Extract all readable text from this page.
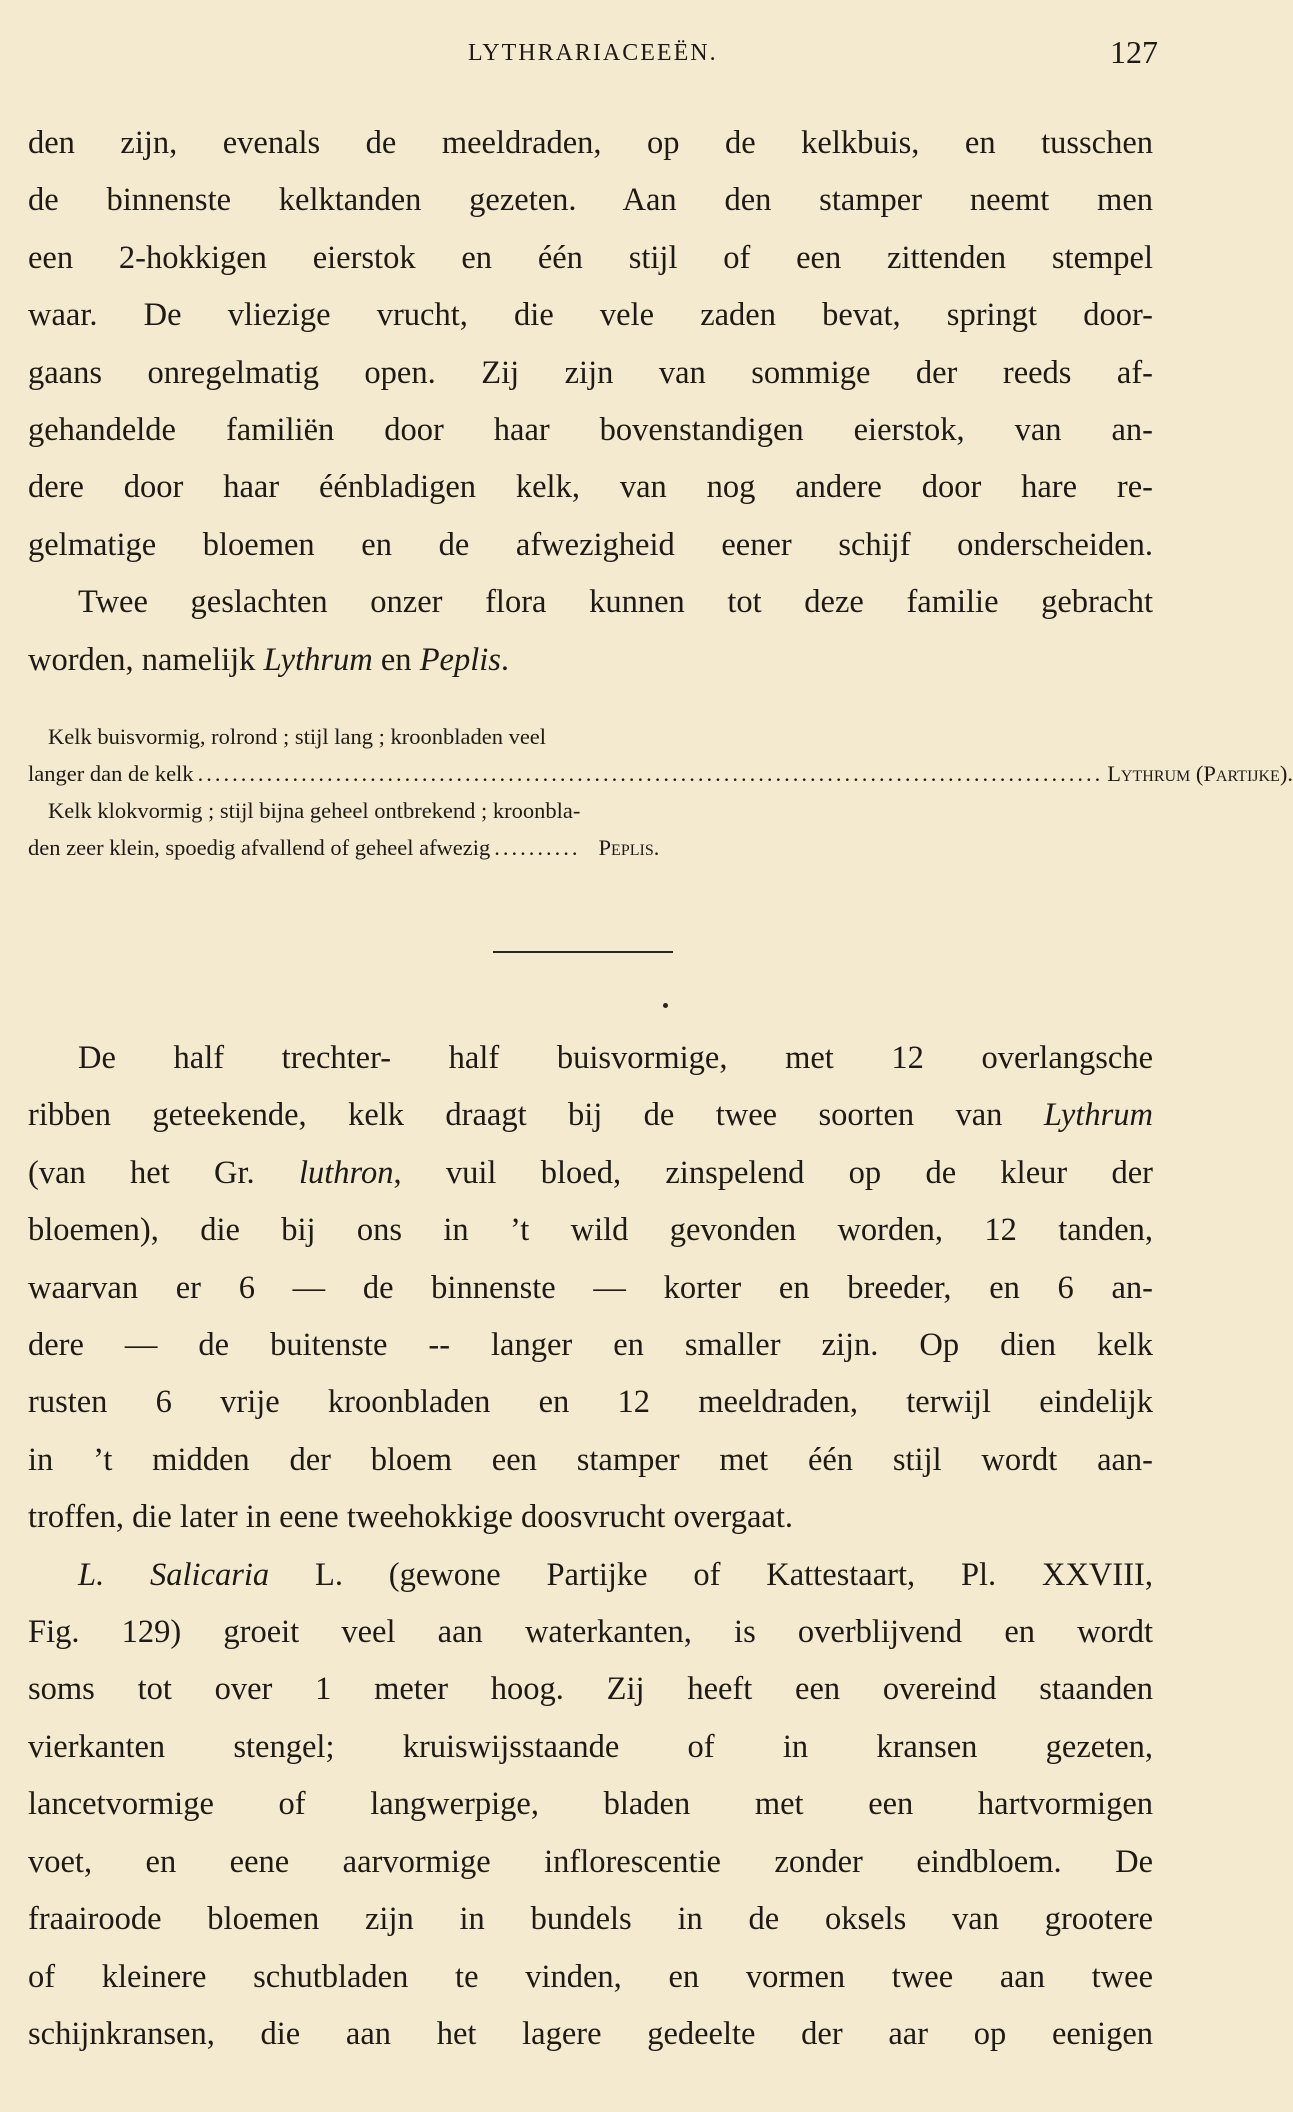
LYTHRARIACEEËN.	127

den zijn, evenals de meeldraden, op de kelkbuis, en tusschen
de binnenste kelktanden gezeten. Aan den stamper neemt men
een 2-hokkigen eierstok en één stijl of een zittenden stempel
waar. De vliezige vrucht, die vele zaden bevat, springt door-
gaans onregelmatig open. Zij zijn van sommige der reeds af-
gehandelde familiën door haar bovenstandigen eierstok, van an-
dere door haar éénbladigen kelk, van nog andere door hare re-
gelmatige bloemen en de afwezigheid eener schijf onderscheiden.

Twee geslachten onzer flora kunnen tot deze familie gebracht

worden, namelijk Lythrum en Peplis.

Kelk buisvormig, rolrond ; stijl lang ; kroonbladen veel
langer dan de kelk ......................................................................................................... Lythrum (Partijke).
Kelk klokvormig ; stijl bijna geheel ontbrekend ; kroonbla-
den zeer klein, spoedig afvallend of geheel afwezig .......... Peplis.

De half trechter- half buisvormige, met 12 overlangsche
ribben geteekende, kelk draagt bij de twee soorten van Lythrum
(van het Gr. luthron, vuil bloed, zinspelend op de kleur der
bloemen), die bij ons in ’t wild gevonden worden, 12 tanden,
waarvan er 6 — de binnenste — korter en breeder, en 6 an-
dere — de buitenste -- langer en smaller zijn. Op dien kelk
rusten 6 vrije kroonbladen en 12 meeldraden, terwijl eindelijk
in ’t midden der bloem een stamper met één stijl wordt aan-
troffen, die later in eene tweehokkige doosvrucht overgaat.

L. Salicaria L. (gewone Partijke of Kattestaart, Pl. XXVIII,
Fig. 129) groeit veel aan waterkanten, is overblijvend en wordt
soms tot over 1 meter hoog. Zij heeft een overeind staanden
vierkanten stengel; kruiswijsstaande of in kransen gezeten,
lancetvormige of langwerpige, bladen met een hartvormigen
voet, en eene aarvormige inflorescentie zonder eindbloem. De
fraairoode bloemen zijn in bundels in de oksels van grootere
of kleinere schutbladen te vinden, en vormen twee aan twee
schijnkransen, die aan het lagere gedeelte der aar op eenigen
